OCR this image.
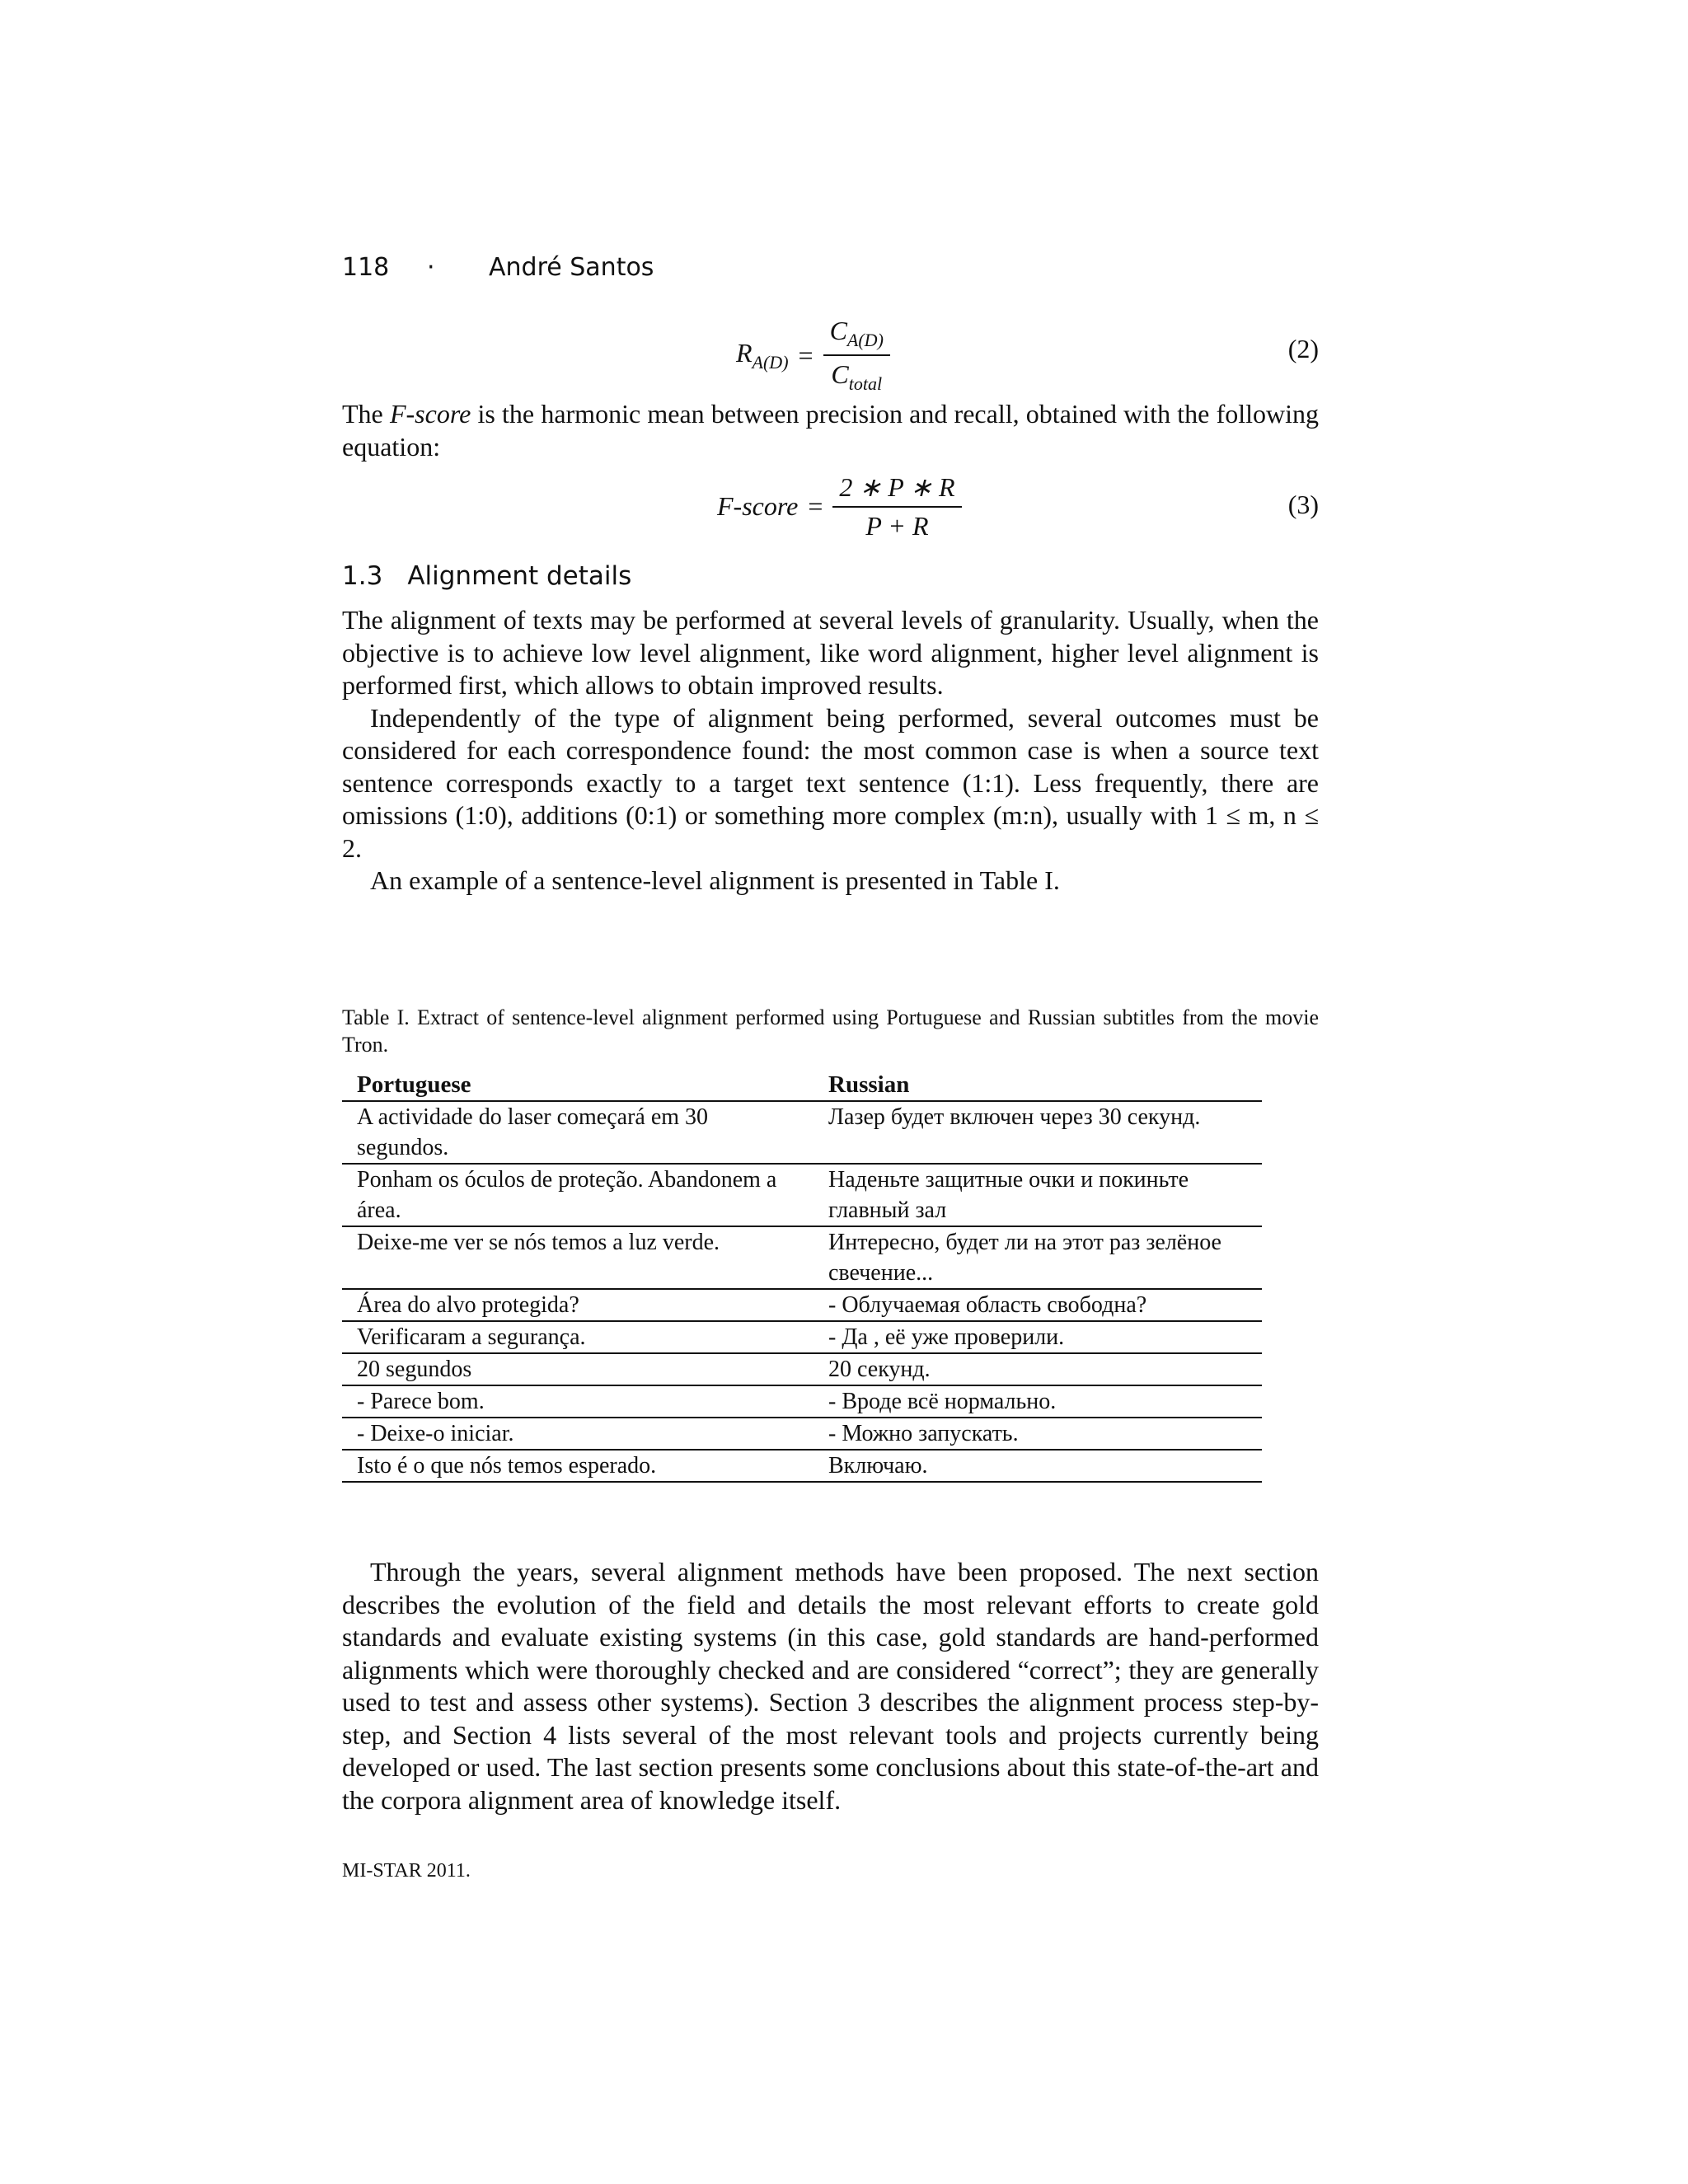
118 · André Santos
$R_{A(D)} = \frac{C_{A(D)}}{C_{total}}$	(2)

The F-score is the harmonic mean between precision and recall, obtained with the following equation:

F-score = $\frac{2 ∗ P ∗ R}{P + R}$	(3)
1.3 Alignment details

The alignment of texts may be performed at several levels of granularity. Usually, when the objective is to achieve low level alignment, like word alignment, higher level alignment is performed first, which allows to obtain improved results.

Independently of the type of alignment being performed, several outcomes must be considered for each correspondence found: the most common case is when a source text sentence corresponds exactly to a target text sentence (1:1). Less frequently, there are omissions (1:0), additions (0:1) or something more complex (m:n), usually with 1 ≤ m, n ≤ 2.

An example of a sentence-level alignment is presented in Table I.

Table I. Extract of sentence-level alignment performed using Portuguese and Russian subtitles from the movie Tron.
Portuguese	Russian
A actividade do laser começará em 30 segundos.	Лазер будет включен через 30 секунд.
Ponham os óculos de proteção. Abandonem a área.	Наденьте защитные очки и покиньте главный зал
Deixe-me ver se nós temos a luz verde.	Интересно, будет ли на этот раз зелёное свечение...
Área do alvo protegida?	- Облучаемая область свободна?
Verificaram a segurança.	- Да , её уже проверили.
20 segundos	20 секунд.
- Parece bom.	- Вроде всё нормально.
- Deixe-o iniciar.	- Можно запускать.
Isto é o que nós temos esperado.	Включаю.

Through the years, several alignment methods have been proposed. The next section describes the evolution of the field and details the most relevant efforts to create gold standards and evaluate existing systems (in this case, gold standards are hand-performed alignments which were thoroughly checked and are considered “correct”; they are generally used to test and assess other systems). Section 3 describes the alignment process step-by-step, and Section 4 lists several of the most relevant tools and projects currently being developed or used. The last section presents some conclusions about this state-of-the-art and the corpora alignment area of knowledge itself.

MI-STAR 2011.
